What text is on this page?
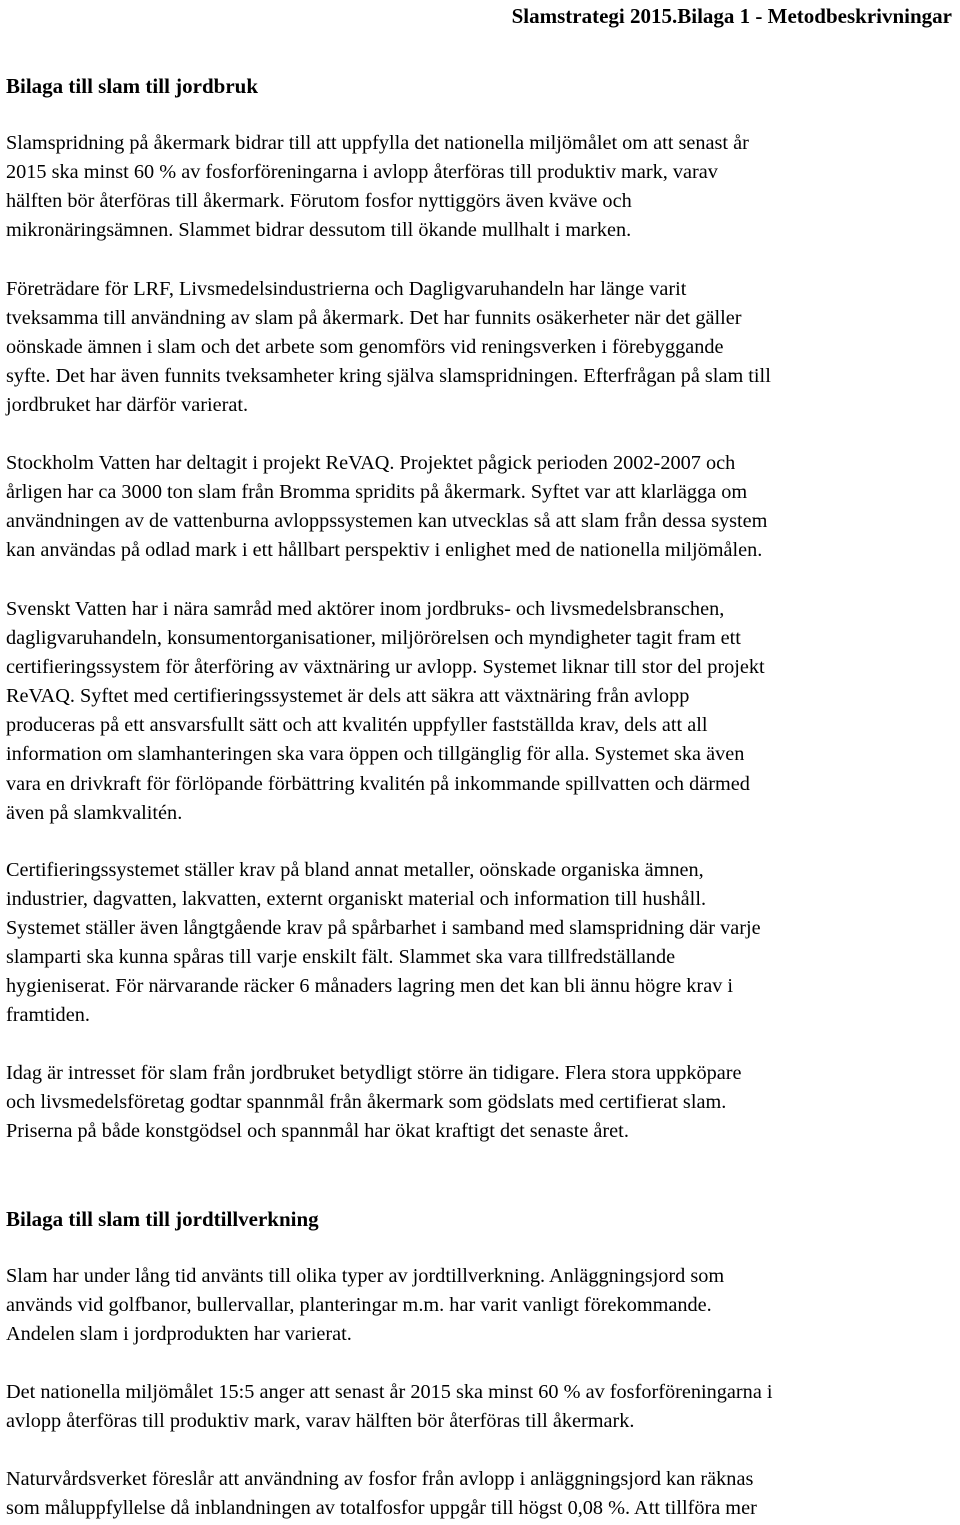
Slamstrategi 2015.Bilaga 1 - Metodbeskrivningar
Bilaga till slam till jordbruk
Slamspridning på åkermark bidrar till att uppfylla det nationella miljömålet om att senast år
2015 ska minst 60 % av fosforföreningarna i avlopp återföras till produktiv mark, varav
hälften bör återföras till åkermark. Förutom fosfor nyttiggörs även kväve och
mikronäringsämnen. Slammet bidrar dessutom till ökande mullhalt i marken.
Företrädare för LRF, Livsmedelsindustrierna och Dagligvaruhandeln har länge varit
tveksamma till användning av slam på åkermark. Det har funnits osäkerheter när det gäller
oönskade ämnen i slam och det arbete som genomförs vid reningsverken i förebyggande
syfte. Det har även funnits tveksamheter kring själva slamspridningen. Efterfrågan på slam till
jordbruket har därför varierat.
Stockholm Vatten har deltagit i projekt ReVAQ. Projektet pågick perioden 2002-2007 och
årligen har ca 3000 ton slam från Bromma spridits på åkermark. Syftet var att klarlägga om
användningen av de vattenburna avloppssystemen kan utvecklas så att slam från dessa system
kan användas på odlad mark i ett hållbart perspektiv i enlighet med de nationella miljömålen.
Svenskt Vatten har i nära samråd med aktörer inom jordbruks- och livsmedelsbranschen,
dagligvaruhandeln, konsumentorganisationer, miljörörelsen och myndigheter tagit fram ett
certifieringssystem för återföring av växtnäring ur avlopp. Systemet liknar till stor del projekt
ReVAQ. Syftet med certifieringssystemet är dels att säkra att växtnäring från avlopp
produceras på ett ansvarsfullt sätt och att kvalitén uppfyller fastställda krav, dels att all
information om slamhanteringen ska vara öppen och tillgänglig för alla. Systemet ska även
vara en drivkraft för förlöpande förbättring kvalitén på inkommande spillvatten och därmed
även på slamkvalitén.
Certifieringssystemet ställer krav på bland annat metaller, oönskade organiska ämnen,
industrier, dagvatten, lakvatten, externt organiskt material och information till hushåll.
Systemet ställer även långtgående krav på spårbarhet i samband med slamspridning där varje
slamparti ska kunna spåras till varje enskilt fält. Slammet ska vara tillfredställande
hygieniserat. För närvarande räcker 6 månaders lagring men det kan bli ännu högre krav i
framtiden.
Idag är intresset för slam från jordbruket betydligt större än tidigare. Flera stora uppköpare
och livsmedelsföretag godtar spannmål från åkermark som gödslats med certifierat slam.
Priserna på både konstgödsel och spannmål har ökat kraftigt det senaste året.
Bilaga till slam till jordtillverkning
Slam har under lång tid använts till olika typer av jordtillverkning. Anläggningsjord som
används vid golfbanor, bullervallar, planteringar m.m. har varit vanligt förekommande.
Andelen slam i jordprodukten har varierat.
Det nationella miljömålet 15:5 anger att senast år 2015 ska minst 60 % av fosforföreningarna i
avlopp återföras till produktiv mark, varav hälften bör återföras till åkermark.
Naturvårdsverket föreslår att användning av fosfor från avlopp i anläggningsjord kan räknas
som måluppfyllelse då inblandningen av totalfosfor uppgår till högst 0,08 %. Att tillföra mer
